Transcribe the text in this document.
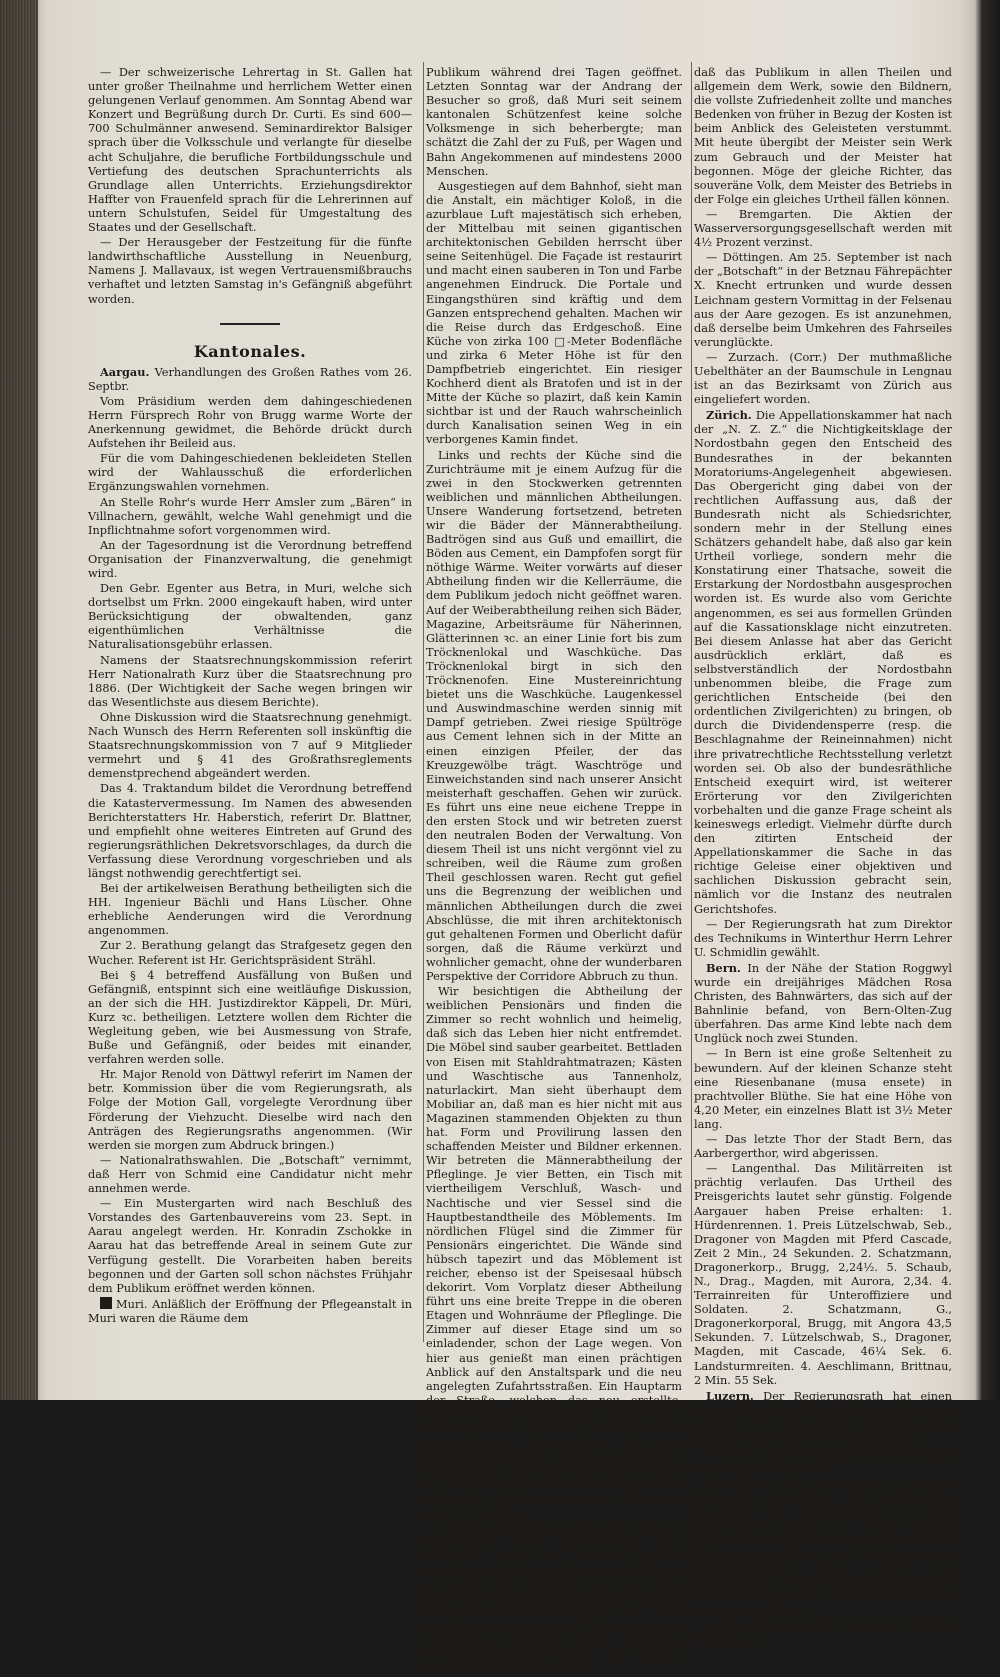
— Der schweizerische Lehrertag in St. Gallen hat unter großer Theilnahme und herrlichem Wetter einen gelungenen Verlauf genommen. Am Sonntag Abend war Konzert und Begrüßung durch Dr. Curti. Es sind 600—700 Schulmänner anwesend. Seminardirektor Balsiger sprach über die Volksschule und verlangte für dieselbe acht Schuljahre, die berufliche Fortbildungsschule und Vertiefung des deutschen Sprachunterrichts als Grundlage allen Unterrichts. Erziehungsdirektor Haffter von Frauenfeld sprach für die Lehrerinnen auf untern Schulstufen, Seidel für Umgestaltung des Staates und der Gesellschaft.

— Der Herausgeber der Festzeitung für die fünfte landwirthschaftliche Ausstellung in Neuenburg, Namens J. Mallavaux, ist wegen Vertrauensmißbrauchs verhaftet und letzten Samstag in's Gefängniß abgeführt worden.

Kantonales.

Aargau. Verhandlungen des Großen Rathes vom 26. Septbr.

Vom Präsidium werden dem dahingeschiedenen Herrn Fürsprech Rohr von Brugg warme Worte der Anerkennung gewidmet, die Behörde drückt durch Aufstehen ihr Beileid aus.

Für die vom Dahingeschiedenen bekleideten Stellen wird der Wahlausschuß die erforderlichen Ergänzungswahlen vornehmen.

An Stelle Rohr's wurde Herr Amsler zum „Bären“ in Villnachern, gewählt, welche Wahl genehmigt und die Inpflichtnahme sofort vorgenommen wird.

An der Tagesordnung ist die Verordnung betreffend Organisation der Finanzverwaltung, die genehmigt wird.

Den Gebr. Egenter aus Betra, in Muri, welche sich dortselbst um Frkn. 2000 eingekauft haben, wird unter Berücksichtigung der obwaltenden, ganz eigenthümlichen Verhältnisse die Naturalisationsgebühr erlassen.

Namens der Staatsrechnungskommission referirt Herr Nationalrath Kurz über die Staatsrechnung pro 1886. (Der Wichtigkeit der Sache wegen bringen wir das Wesentlichste aus diesem Berichte).

Ohne Diskussion wird die Staatsrechnung genehmigt. Nach Wunsch des Herrn Referenten soll inskünftig die Staatsrechnungskommission von 7 auf 9 Mitglieder vermehrt und § 41 des Großrathsreglements demenstprechend abgeändert werden.

Das 4. Traktandum bildet die Verordnung betreffend die Katastervermessung. Im Namen des abwesenden Berichterstatters Hr. Haberstich, referirt Dr. Blattner, und empfiehlt ohne weiteres Eintreten auf Grund des regierungsräthlichen Dekretsvorschlages, da durch die Verfassung diese Verordnung vorgeschrieben und als längst nothwendig gerechtfertigt sei.

Bei der artikelweisen Berathung betheiligten sich die HH. Ingenieur Bächli und Hans Lüscher. Ohne erhebliche Aenderungen wird die Verordnung angenommen.

Zur 2. Berathung gelangt das Strafgesetz gegen den Wucher. Referent ist Hr. Gerichtspräsident Strähl.

Bei § 4 betreffend Ausfällung von Bußen und Gefängniß, entspinnt sich eine weitläufige Diskussion, an der sich die HH. Justizdirektor Käppeli, Dr. Müri, Kurz ꝛc. betheiligen. Letztere wollen dem Richter die Wegleitung geben, wie bei Ausmessung von Strafe, Buße und Gefängniß, oder beides mit einander, verfahren werden solle.

Hr. Major Renold von Dättwyl referirt im Namen der betr. Kommission über die vom Regierungsrath, als Folge der Motion Gall, vorgelegte Verordnung über Förderung der Viehzucht. Dieselbe wird nach den Anträgen des Regierungsraths angenommen. (Wir werden sie morgen zum Abdruck bringen.)

— Nationalrathswahlen. Die „Botschaft“ vernimmt, daß Herr von Schmid eine Candidatur nicht mehr annehmen werde.

— Ein Mustergarten wird nach Beschluß des Vorstandes des Gartenbauvereins vom 23. Sept. in Aarau angelegt werden. Hr. Konradin Zschokke in Aarau hat das betreffende Areal in seinem Gute zur Verfügung gestellt. Die Vorarbeiten haben bereits begonnen und der Garten soll schon nächstes Frühjahr dem Publikum eröffnet werden können.

Muri. Anläßlich der Eröffnung der Pflegeanstalt in Muri waren die Räume dem

Publikum während drei Tagen geöffnet. Letzten Sonntag war der Andrang der Besucher so groß, daß Muri seit seinem kantonalen Schützenfest keine solche Volksmenge in sich beherbergte; man schätzt die Zahl der zu Fuß, per Wagen und Bahn Angekommenen auf mindestens 2000 Menschen.

Ausgestiegen auf dem Bahnhof, sieht man die Anstalt, ein mächtiger Koloß, in die azurblaue Luft majestätisch sich erheben, der Mittelbau mit seinen gigantischen architektonischen Gebilden herrscht über seine Seitenhügel. Die Façade ist restaurirt und macht einen sauberen in Ton und Farbe angenehmen Eindruck. Die Portale und Eingangsthüren sind kräftig und dem Ganzen entsprechend gehalten. Machen wir die Reise durch das Erdgeschoß. Eine Küche von zirka 100 □-Meter Bodenfläche und zirka 6 Meter Höhe ist für den Dampfbetrieb eingerichtet. Ein riesiger Kochherd dient als Bratofen und ist in der Mitte der Küche so plazirt, daß kein Kamin sichtbar ist und der Rauch wahrscheinlich durch Kanalisation seinen Weg in ein verborgenes Kamin findet.

Links und rechts der Küche sind die Zurichträume mit je einem Aufzug für die zwei in den Stockwerken getrennten weiblichen und männlichen Abtheilungen. Unsere Wanderung fortsetzend, betreten wir die Bäder der Männerabtheilung. Badtrögen sind aus Guß und emaillirt, die Böden aus Cement, ein Dampfofen sorgt für nöthige Wärme. Weiter vorwärts auf dieser Abtheilung finden wir die Kellerräume, die dem Publikum jedoch nicht geöffnet waren. Auf der Weiberabtheilung reihen sich Bäder, Magazine, Arbeitsräume für Näherinnen, Glätterinnen ꝛc. an einer Linie fort bis zum Tröcknenlokal und Waschküche. Das Tröcknenlokal birgt in sich den Tröcknenofen. Eine Mustereinrichtung bietet uns die Waschküche. Laugenkessel und Auswindmaschine werden sinnig mit Dampf getrieben. Zwei riesige Spültröge aus Cement lehnen sich in der Mitte an einen einzigen Pfeiler, der das Kreuzgewölbe trägt. Waschtröge und Einweichstanden sind nach unserer Ansicht meisterhaft geschaffen. Gehen wir zurück. Es führt uns eine neue eichene Treppe in den ersten Stock und wir betreten zuerst den neutralen Boden der Verwaltung. Von diesem Theil ist uns nicht vergönnt viel zu schreiben, weil die Räume zum großen Theil geschlossen waren. Recht gut gefiel uns die Begrenzung der weiblichen und männlichen Abtheilungen durch die zwei Abschlüsse, die mit ihren architektonisch gut gehaltenen Formen und Oberlicht dafür sorgen, daß die Räume verkürzt und wohnlicher gemacht, ohne der wunderbaren Perspektive der Corridore Abbruch zu thun.

Wir besichtigen die Abtheilung der weiblichen Pensionärs und finden die Zimmer so recht wohnlich und heimelig, daß sich das Leben hier nicht entfremdet. Die Möbel sind sauber gearbeitet. Bettladen von Eisen mit Stahldrahtmatrazen; Kästen und Waschtische aus Tannenholz, naturlackirt. Man sieht überhaupt dem Mobiliar an, daß man es hier nicht mit aus Magazinen stammenden Objekten zu thun hat. Form und Provilirung lassen den schaffenden Meister und Bildner erkennen. Wir betreten die Männerabtheilung der Pfleglinge. Je vier Betten, ein Tisch mit viertheiligem Verschluß, Wasch- und Nachtische und vier Sessel sind die Hauptbestandtheile des Möblements. Im nördlichen Flügel sind die Zimmer für Pensionärs eingerichtet. Die Wände sind hübsch tapezirt und das Möblement ist reicher, ebenso ist der Speisesaal hübsch dekorirt. Vom Vorplatz dieser Abtheilung führt uns eine breite Treppe in die oberen Etagen und Wohnräume der Pfleglinge. Die Zimmer auf dieser Etage sind um so einladender, schon der Lage wegen. Von hier aus genießt man einen prächtigen Anblick auf den Anstaltspark und die neu angelegten Zufahrtsstraßen. Ein Hauptarm der Straße, welchen das neu erstellte, einfache, kräftige und schöne Portal gegen Osten schließt, verzweigt sich in zwei kurvenförmige Nebenstraßen, die den Springbrunnen und den neutralen Boden umschließen, und sich gegen das Gebäude zu wieder öffnen. Wie wir vernommen, sollen die Straßenkanten mit Gitterwerk gekrönt werden.

Der dritte Stock ist gleich dem zweiten eingerichtet. Nur schade, daß dem Publikum nicht alle Zimmer geöffnet worden, so daß bei dem Zudrang der Menge es nicht Jedem möglich war, die Sache genau zu sehen. Ein Glanzpunkt der Anstalt bildet die Wasserversorgung. In allen Stockwerken sind je zwei Brunnen, sechs Hydranten beruhigen für eventuelle Feuersgefahr. Ich schließe mit meinen Notizen und darf nur sagen,

daß das Publikum in allen Theilen und allgemein dem Werk, sowie den Bildnern, die vollste Zufriedenheit zollte und manches Bedenken von früher in Bezug der Kosten ist beim Anblick des Geleisteten verstummt. Mit heute übergibt der Meister sein Werk zum Gebrauch und der Meister hat begonnen. Möge der gleiche Richter, das souveräne Volk, dem Meister des Betriebs in der Folge ein gleiches Urtheil fällen können.

— Bremgarten. Die Aktien der Wasserversorgungsgesellschaft werden mit 4½ Prozent verzinst.

— Döttingen. Am 25. September ist nach der „Botschaft“ in der Betznau Fährepächter X. Knecht ertrunken und wurde dessen Leichnam gestern Vormittag in der Felsenau aus der Aare gezogen. Es ist anzunehmen, daß derselbe beim Umkehren des Fahrseiles verunglückte.

— Zurzach. (Corr.) Der muthmaßliche Uebelthäter an der Baumschule in Lengnau ist an das Bezirksamt von Zürich aus eingeliefert worden.

Zürich. Die Appellationskammer hat nach der „N. Z. Z.“ die Nichtigkeitsklage der Nordostbahn gegen den Entscheid des Bundesrathes in der bekannten Moratoriums-Angelegenheit abgewiesen. Das Obergericht ging dabei von der rechtlichen Auffassung aus, daß der Bundesrath nicht als Schiedsrichter, sondern mehr in der Stellung eines Schätzers gehandelt habe, daß also gar kein Urtheil vorliege, sondern mehr die Konstatirung einer Thatsache, soweit die Erstarkung der Nordostbahn ausgesprochen worden ist. Es wurde also vom Gerichte angenommen, es sei aus formellen Gründen auf die Kassationsklage nicht einzutreten. Bei diesem Anlasse hat aber das Gericht ausdrücklich erklärt, daß es selbstverständlich der Nordostbahn unbenommen bleibe, die Frage zum gerichtlichen Entscheide (bei den ordentlichen Zivilgerichten) zu bringen, ob durch die Dividendensperre (resp. die Beschlagnahme der Reineinnahmen) nicht ihre privatrechtliche Rechtsstellung verletzt worden sei. Ob also der bundesräthliche Entscheid exequirt wird, ist weiterer Erörterung vor den Zivilgerichten vorbehalten und die ganze Frage scheint als keineswegs erledigt. Vielmehr dürfte durch den zitirten Entscheid der Appellationskammer die Sache in das richtige Geleise einer objektiven und sachlichen Diskussion gebracht sein, nämlich vor die Instanz des neutralen Gerichtshofes.

— Der Regierungsrath hat zum Direktor des Technikums in Winterthur Herrn Lehrer U. Schmidlin gewählt.

Bern. In der Nähe der Station Roggwyl wurde ein dreijähriges Mädchen Rosa Christen, des Bahnwärters, das sich auf der Bahnlinie befand, von Bern-Olten-Zug überfahren. Das arme Kind lebte nach dem Unglück noch zwei Stunden.

— In Bern ist eine große Seltenheit zu bewundern. Auf der kleinen Schanze steht eine Riesenbanane (musa ensete) in prachtvoller Blüthe. Sie hat eine Höhe von 4,20 Meter, ein einzelnes Blatt ist 3½ Meter lang.

— Das letzte Thor der Stadt Bern, das Aarbergerthor, wird abgerissen.

— Langenthal. Das Militärreiten ist prächtig verlaufen. Das Urtheil des Preisgerichts lautet sehr günstig. Folgende Aargauer haben Preise erhalten: 1. Hürdenrennen. 1. Preis Lützelschwab, Seb., Dragoner von Magden mit Pferd Cascade, Zeit 2 Min., 24 Sekunden. 2. Schatzmann, Dragonerkorp., Brugg, 2,24½. 5. Schaub, N., Drag., Magden, mit Aurora, 2,34. 4. Terrainreiten für Unteroffiziere und Soldaten. 2. Schatzmann, G., Dragonerkorporal, Brugg, mit Angora 43,5 Sekunden. 7. Lützelschwab, S., Dragoner, Magden, mit Cascade, 46¼ Sek. 6. Landsturmreiten. 4. Aeschlimann, Brittnau, 2 Min. 55 Sek.

Luzern. Der Regierungsrath hat einen diesen Herbst in Rothenburg stattfindenden Lehrkurs für Obstverwerthung mit einem Staatsbeitrag von 500 Fr. subventionirt.

— An den Lehrerexerzitien in Hohenrain nahmen 36 Lehrer theil.

Obwalden. Die Brünigbahn schreitet nach dem „Vaterland“ ihrer Vollendung entgegen. Die Schienenlegung ist von Alpnach-Stad bereits bis gegen Sarnen vorgerückt. Auch vom Brünig her ist man fleißig an der Arbeit und die Strecke von Brienz-Meiringen her geht das Schienenlegen seiner Vollendung entgegen. Die Stationsgebäude stehen zum Theil bereits unter Dach.

— Die Gabenliste für Lungern weist Fr. 39,464 auf.
